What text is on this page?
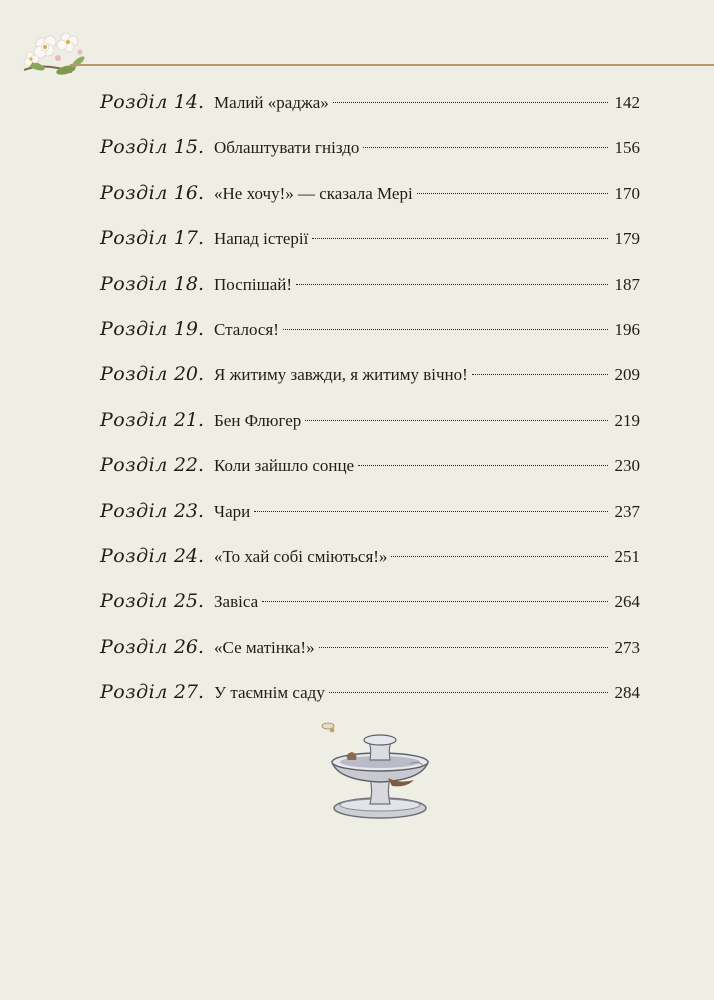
Розділ 14. Малий «раджа»	142
Розділ 15. Облаштувати гніздо	156
Розділ 16. «Не хочу!» — сказала Мері	170
Розділ 17. Напад істерії	179
Розділ 18. Поспішай!	187
Розділ 19. Сталося!	196
Розділ 20. Я житиму завжди, я житиму вічно!	209
Розділ 21. Бен Флюгер	219
Розділ 22. Коли зайшло сонце	230
Розділ 23. Чари	237
Розділ 24. «То хай собі сміються!»	251
Розділ 25. Завіса	264
Розділ 26. «Се матінка!»	273
Розділ 27. У таємнім саду	284
